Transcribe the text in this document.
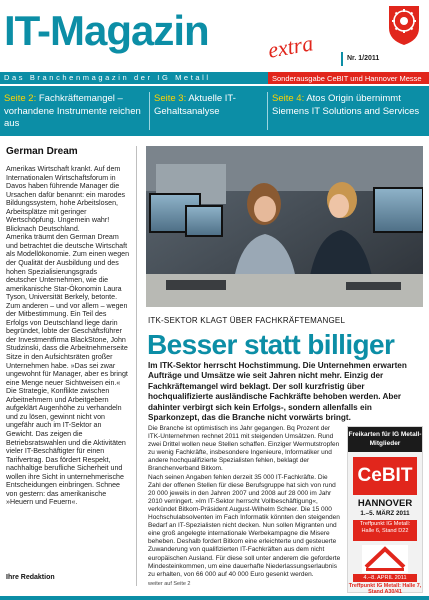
IT-Magazin	extra	Nr. 1/2011
Das Branchenmagazin der IG Metall	Sonderausgabe CeBIT und Hannover Messe
Seite 2: Fachkräftemangel – vorhandene Instrumente reichen aus
Seite 3: Aktuelle IT-Gehaltsanalyse
Seite 4: Atos Origin übernimmt Siemens IT Solutions and Services
German Dream

Amerikas Wirtschaft krankt. Auf dem Internationalen Wirtschaftsforum in Davos haben führende Manager die Ursachen dafür benannt: ein marodes Bildungssystem, hohe Arbeitslosen, Arbeitsplätze mit geringer Wertschöpfung. Ungemein wahr! Blicknach Deutschland.

Amerika träumt den German Dream und betrachtet die deutsche Wirtschaft als Modellökonomie. Zum einen wegen der Qualität der Ausbildung und des hohen Spezialisierungsgrads deutscher Unternehmen, wie die amerikanische Star-Ökonomin Laura Tyson, Universität Berkely, betonte. Zum anderen – und vor allem – wegen der Mitbestimmung. Ein Teil des Erfolgs von Deutschland liege darin begründet, lobte der Geschäftsführer der Investmentfirma BlackStone, John Studzinski, dass die Arbeitnehmerseite Sitze in den Aufsichtsräten großer Unternehmen habe. »Das sei zwar ungewohnt für Manager, aber es bringt eine Menge neuer Sichtweisen ein.«

Die Strategie, Konflikte zwischen Arbeitnehmern und Arbeitgebern aufgeklärt Augenhöhe zu verhandeln und zu lösen, gewinnt nicht von ungefähr auch im IT-Sektor an Gewicht. Das zeigen die Betriebsratswahlen und die Aktivitäten vieler IT-Beschäftigter für einen Tarifvertrag. Das fördert Respekt, nachhaltige berufliche Sicherheit und wollen ihre Sicht in unternehmerische Entscheidungen einbringen. Schnee von gestern: das amerikanische »Heuern und Feuern«.

Ihre Redaktion
ITK-SEKTOR KLAGT ÜBER FACHKRÄFTEMANGEL
Besser statt billiger
Im ITK-Sektor herrscht Hochstimmung. Die Unternehmen erwarten Aufträge und Umsätze wie seit Jahren nicht mehr. Einzig der Fachkräftemangel wird beklagt. Der soll kurzfristig über hochqualifizierte ausländische Fachkräfte behoben werden. Aber dahinter verbirgt sich kein Erfolgs-, sondern allenfalls ein Sparkonzept, das die Branche nicht vorwärts bringt.

Die Branche ist optimistisch ins Jahr gegangen. Bq Prozent der ITK-Unternehmen rechnet 2011 mit steigenden Umsätzen. Rund zwei Drittel wollen neue Stellen schaffen. Einziger Wermutstropfen zu wenig Fachkräfte, insbesondere Ingenieure, Informatiker und andere hochqualifizierte Spezialisten fehlen, beklagt der Branchenverband Bitkom.

Nach seinen Angaben fehlen derzeit 35 000 IT-Fachkräfte. Die Zahl der offenen Stellen für diese Berufsgruppe hat sich von rund 20 000 jeweils in den Jahren 2007 und 2008 auf 28 000 im Jahr 2010 verringert. »Im IT-Sektor herrscht Vollbeschäftigung«, verkündet Bitkom-Präsident August-Wilhelm Scheer. Die 15 000 Hochschulabsolventen im Fach Informatik könnten den steigenden Bedarf an IT-Spezialisten nicht decken. Nun sollen Migranten und eine groß angelegte internationale Werbekampagne die Misere beheben. Deshalb fordert Bitkom eine erleichterte und gesteuerte Zuwanderung von qualifizierten IT-Fachkräften aus dem nicht europäischen Ausland. Für diese soll unter anderem die geforderte Mindesteinkommen, um eine dauerhafte Niederlassungserlaubnis zu erhalten, von 66 000 auf 40 000 Euro gesenkt werden.

weiter auf Seite 2

Freikarten für IG Metall-Mitglieder
CeBIT
HANNOVER
1.–5. MÄRZ 2011
Treffpunkt IG Metall: Halle 6, Stand D22
4.–8. APRIL 2011
Treffpunkt IG Metall: Halle 7, Stand A30/41
